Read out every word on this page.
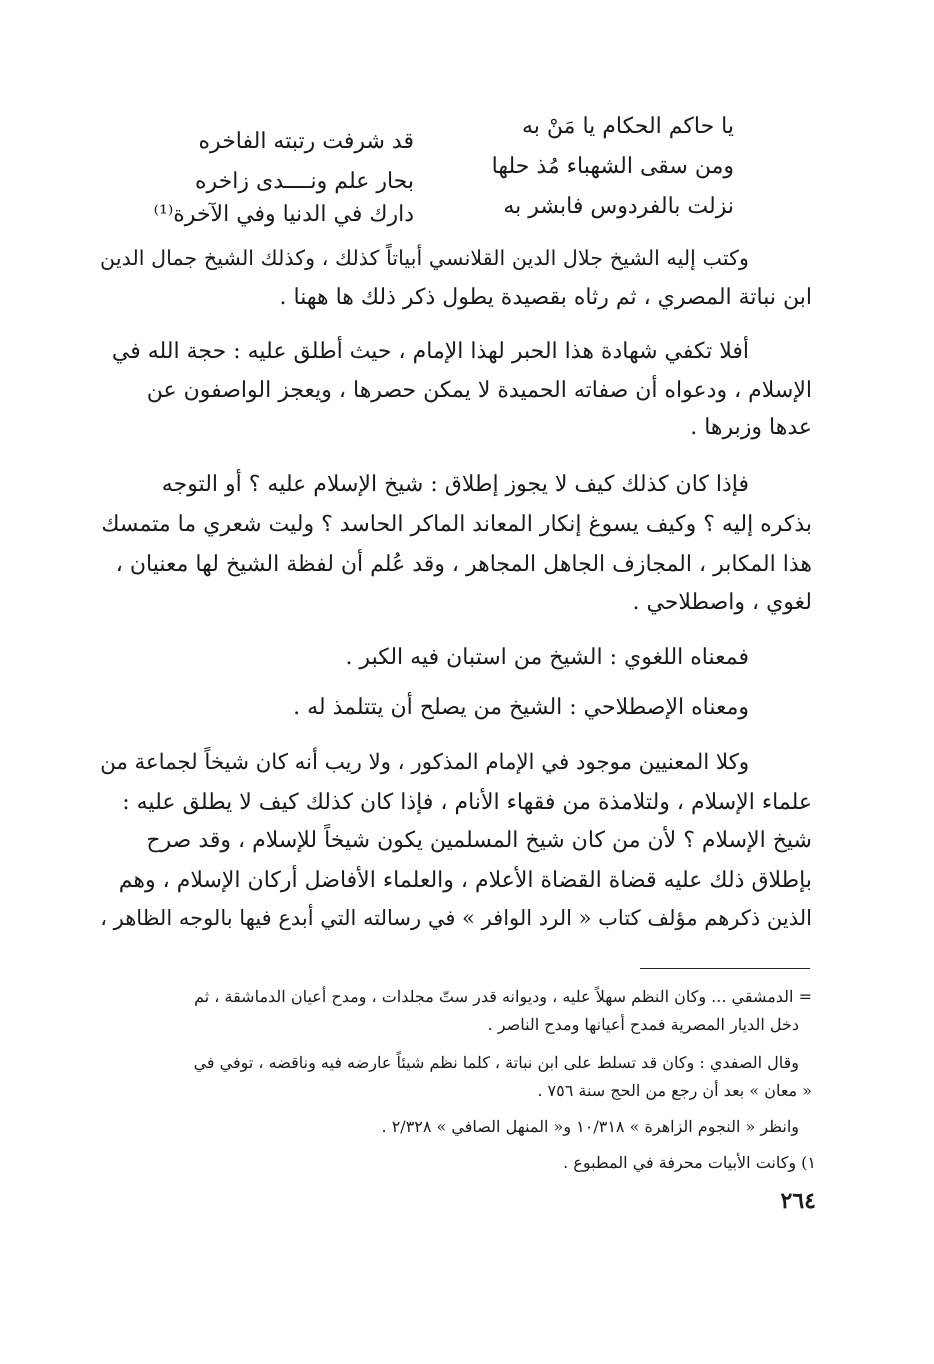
يا حاكم الحكام يا مَنْ به
قد شرفت رتبته الفاخره
ومن سقى الشهباء مُذ حلها
بحار علم ونــــدى زاخره
نزلت بالفردوس فابشر به
دارك في الدنيا وفي الآخرة⁽¹⁾
وكتب إليه الشيخ جلال الدين القلانسي أبياتاً كذلك ، وكذلك الشيخ جمال الدين
ابن نباتة المصري ، ثم رثاه بقصيدة يطول ذكر ذلك ها ههنا .
أفلا تكفي شهادة هذا الحبر لهذا الإمام ، حيث أطلق عليه : حجة الله في
الإسلام ، ودعواه أن صفاته الحميدة لا يمكن حصرها ، ويعجز الواصفون عن
عدها وزبرها .
فإذا كان كذلك كيف لا يجوز إطلاق : شيخ الإسلام عليه ؟ أو التوجه
بذكره إليه ؟ وكيف يسوغ إنكار المعاند الماكر الحاسد ؟ وليت شعري ما متمسك
هذا المكابر ، المجازف الجاهل المجاهر ، وقد عُلم أن لفظة الشيخ لها معنيان ،
لغوي ، واصطلاحي .
فمعناه اللغوي : الشيخ من استبان فيه الكبر .
ومعناه الإصطلاحي : الشيخ من يصلح أن يتتلمذ له .
وكلا المعنيين موجود في الإمام المذكور ، ولا ريب أنه كان شيخاً لجماعة من
علماء الإسلام ، ولتلامذة من فقهاء الأنام ، فإذا كان كذلك كيف لا يطلق عليه :
شيخ الإسلام ؟ لأن من كان شيخ المسلمين يكون شيخاً للإسلام ، وقد صرح
بإطلاق ذلك عليه قضاة القضاة الأعلام ، والعلماء الأفاضل أركان الإسلام ، وهم
الذين ذكرهم مؤلف كتاب « الرد الوافر » في رسالته التي أبدع فيها بالوجه الظاهر ،
= الدمشقي ... وكان النظم سهلاً عليه ، وديوانه قدر ستّ مجلدات ، ومدح أعيان الدماشقة ، ثم
دخل الديار المصرية فمدح أعيانها ومدح الناصر .
وقال الصفدي : وكان قد تسلط على ابن نباتة ، كلما نظم شيئاً عارضه فيه وناقضه ، توفي في
« معان » بعد أن رجع من الحج سنة ٧٥٦ .
وانظر « النجوم الزاهرة » ١٠/٣١٨ و« المنهل الصافي » ٢/٣٢٨ .
١) وكانت الأبيات محرفة في المطبوع .
٢٦٤
